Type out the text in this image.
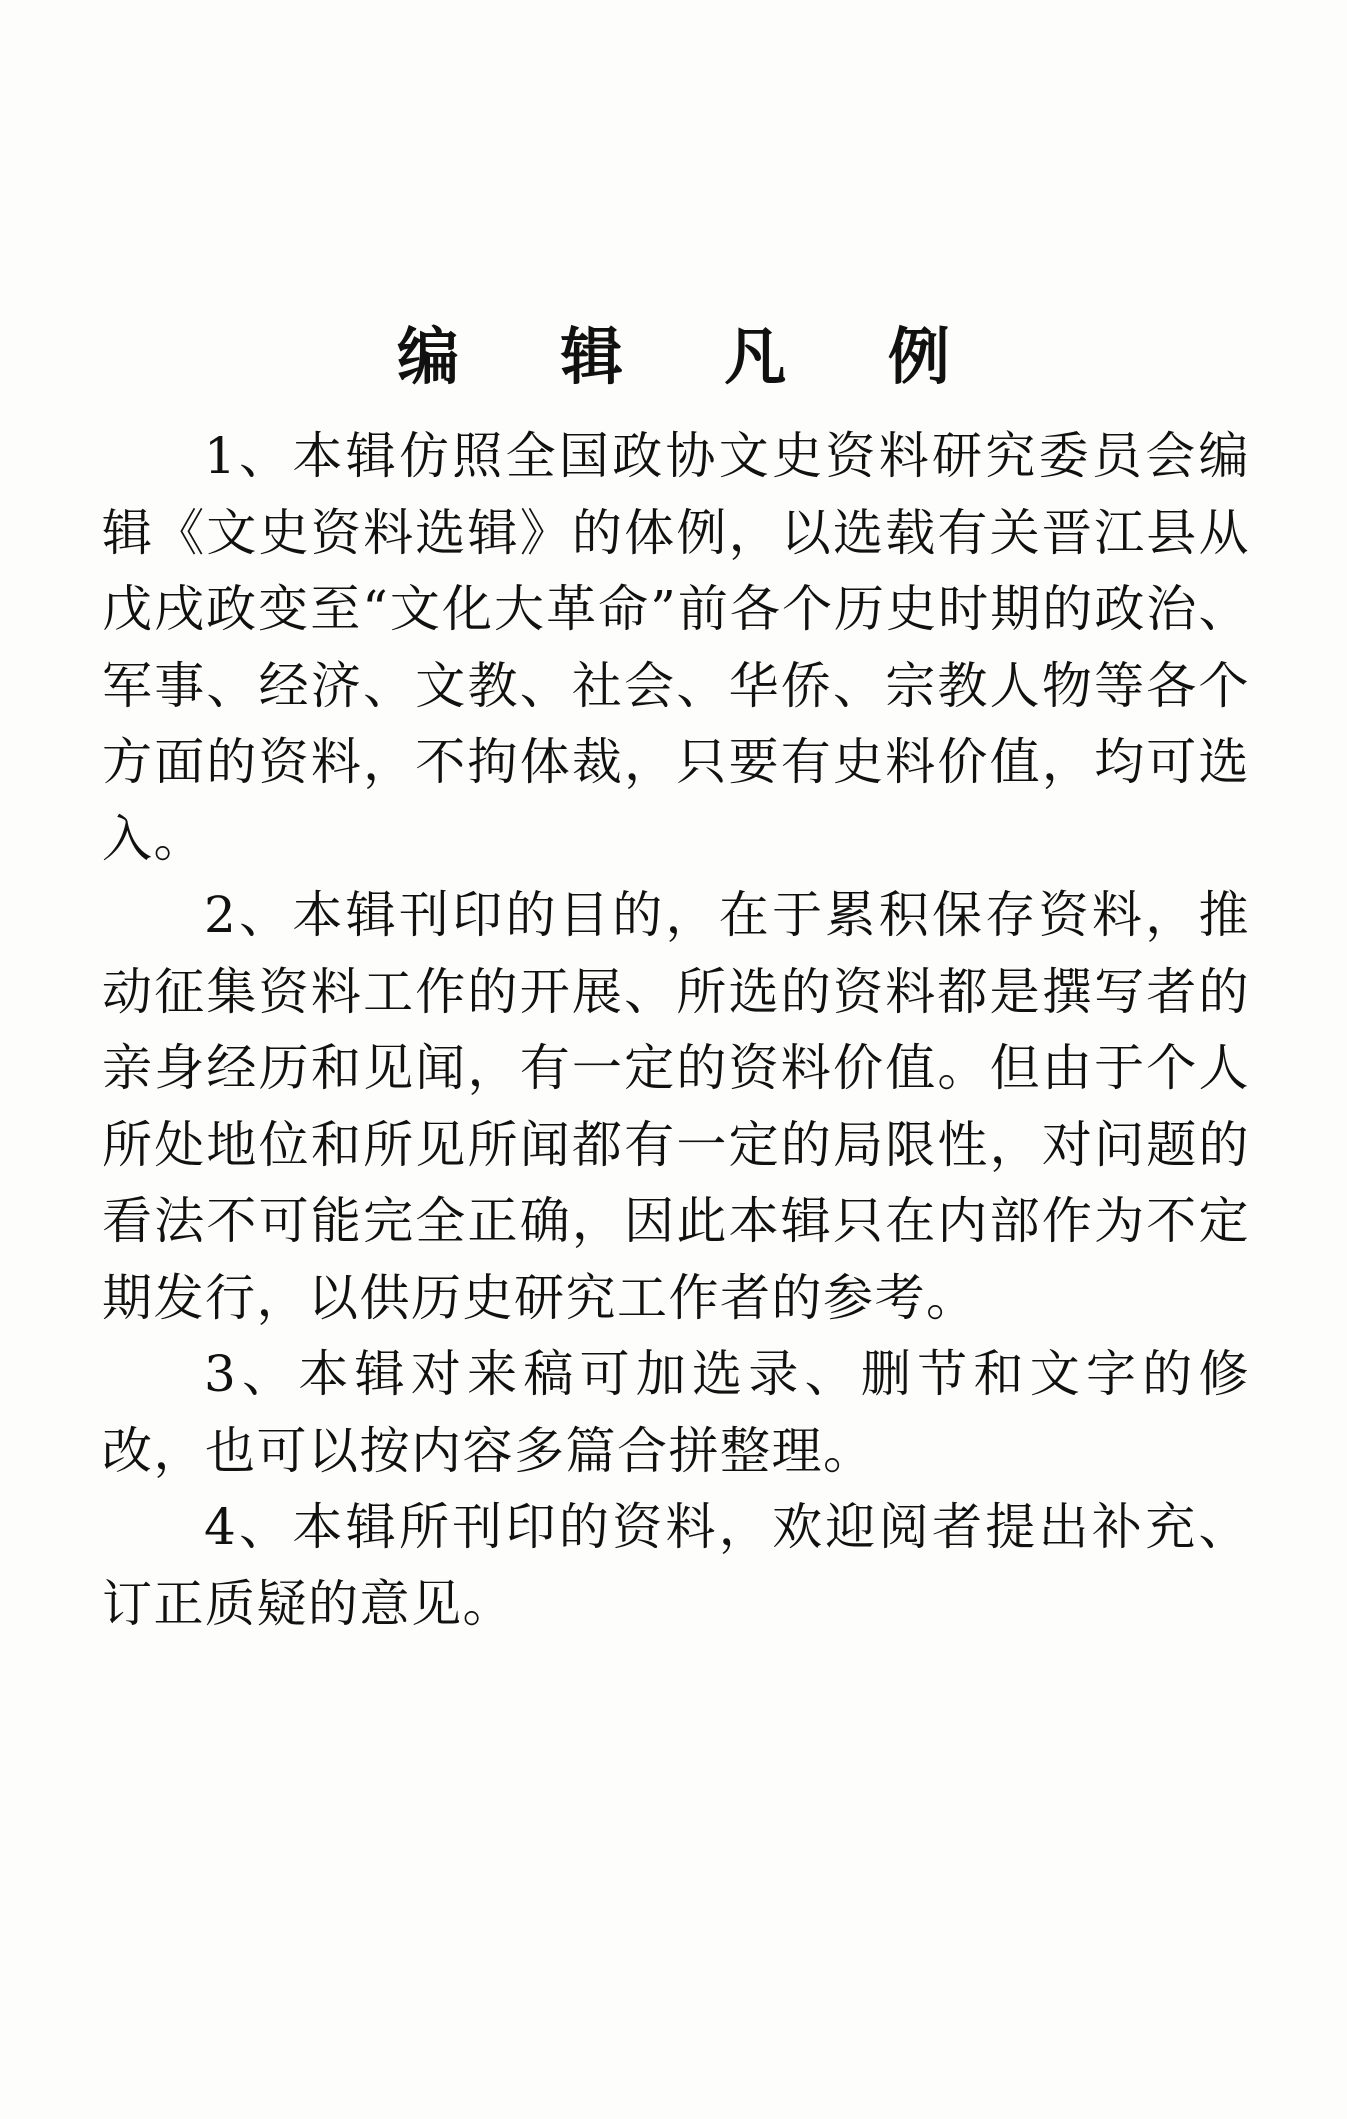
编 辑 凡 例

1、本辑仿照全国政协文史资料研究委员会编辑《文史资料选辑》的体例，以选载有关晋江县从戊戌政变至“文化大革命”前各个历史时期的政治、军事、经济、文教、社会、华侨、宗教人物等各个方面的资料，不拘体裁，只要有史料价值，均可选入。

2、本辑刊印的目的，在于累积保存资料，推动征集资料工作的开展、所选的资料都是撰写者的亲身经历和见闻，有一定的资料价值。但由于个人所处地位和所见所闻都有一定的局限性，对问题的看法不可能完全正确，因此本辑只在内部作为不定期发行，以供历史研究工作者的参考。

3、本辑对来稿可加选录、删节和文字的修改，也可以按内容多篇合拼整理。

4、本辑所刊印的资料，欢迎阅者提出补充、订正质疑的意见。
